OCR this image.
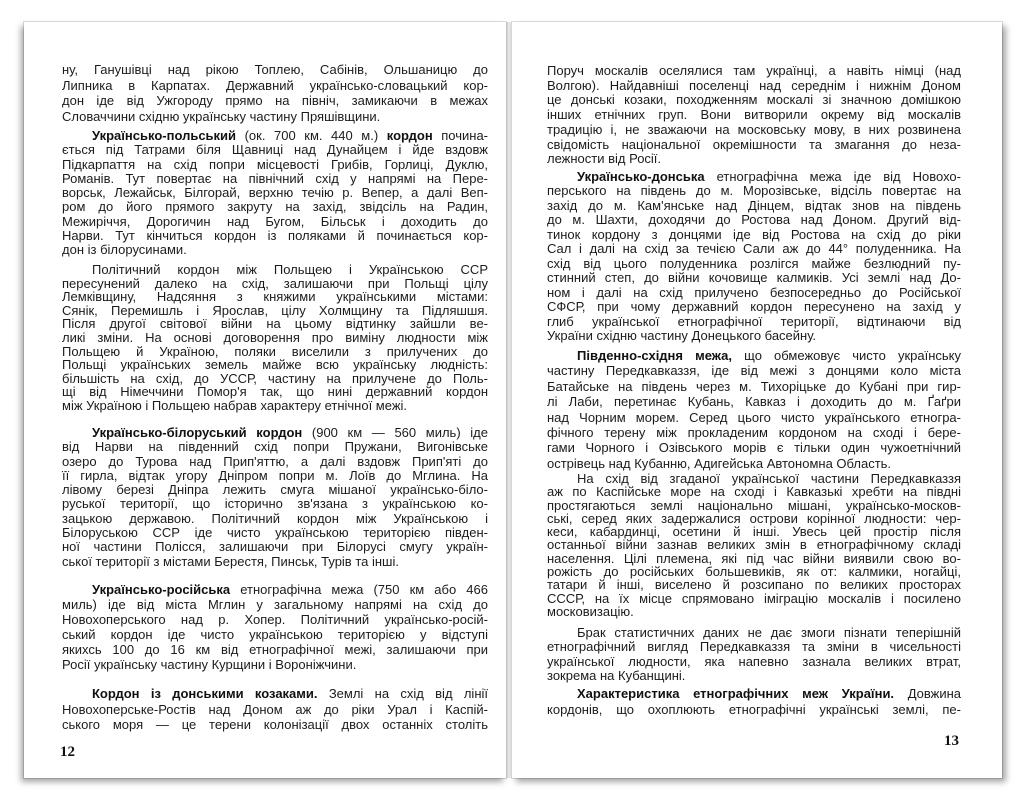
ну, Ганушівці над рікою Топлею, Сабінів, Ольшаницю до
Липника в Карпатах. Державний українсько-словацький кор-
дон іде від Ужгороду прямо на північ, замикаючи в межах
Словаччини східню українську частину Пряшівщини.
Українсько-польський (ок. 700 км. 440 м.) кордон почина-
ється під Татрами біля Щавниці над Дунайцем і йде вздовж
Підкарпаття на схід попри місцевості Грибів, Горлиці, Дуклю,
Романів. Тут повертає на північний схід у напрямі на Пере-
ворськ, Лежайськ, Білгорай, верхню течію р. Вепер, а далі Веп-
ром до його прямого закруту на захід, звідсіль на Радин,
Межиріччя, Дорогичин над Бугом, Більськ і доходить до
Нарви. Тут кінчиться кордон із поляками й починається кор-
дон із білорусинами.
Політичний кордон між Польщею і Українською ССР
пересунений далеко на схід, залишаючи при Польщі цілу
Лемківщину, Надсяння з княжими українськими містами:
Сянік, Перемишль і Ярослав, цілу Холмщину та Підляшшя.
Після другої світової війни на цьому відтинку зайшли ве-
ликі зміни. На основі договорення про виміну людности між
Польщею й Україною, поляки виселили з прилучених до
Польщі українських земель майже всю українську людність:
більшість на схід, до УССР, частину на прилучене до Поль-
щі від Німеччини Помор'я так, що нині державний кордон
між Україною і Польщею набрав характеру етнічної межі.
Українсько-білоруський кордон (900 км — 560 миль) іде
від Нарви на південний схід попри Пружани, Вигонівське
озеро до Турова над Прип'яттю, а далі вздовж Прип'яті до
її гирла, відтак угору Дніпром попри м. Лоїв до Мглина. На
лівому березі Дніпра лежить смуга мішаної українсько-біло-
руської території, що історично зв'язана з українською ко-
зацькою державою. Політичний кордон між Українською і
Білоруською ССР іде чисто українською територією півден-
ної частини Полісся, залишаючи при Білорусі смугу україн-
ської території з містами Берестя, Пинськ, Турів та інші.
Українсько-російська етнографічна межа (750 км або 466
миль) іде від міста Мглин у загальному напрямі на схід до
Новохоперського над р. Хопер. Політичний українсько-росій-
ський кордон іде чисто українською територією у відступі
якихсь 100 до 16 км від етнографічної межі, залишаючи при
Росії українську частину Курщини і Вороніжчини.
Кордон із донськими козаками. Землі на схід від лінії
Новохоперське-Ростів над Доном аж до ріки Урал і Каспій-
ського моря — це терени колонізації двох останніх століть
12
Поруч москалів оселялися там українці, а навіть німці (над
Волгою). Найдавніші поселенці над середнім і нижнім Доном
це донські козаки, походженням москалі зі значною домішкою
інших етнічних груп. Вони витворили окрему від москалів
традицію і, не зважаючи на московську мову, в них розвинена
свідомість національної окремішности та змагання до неза-
лежности від Росії.
Українсько-донська етнографічна межа іде від Новохо-
перського на південь до м. Морозівське, відсіль повертає на
захід до м. Кам'янське над Дінцем, відтак знов на південь
до м. Шахти, доходячи до Ростова над Доном. Другий від-
тинок кордону з донцями іде від Ростова на схід до ріки
Сал і далі на схід за течією Сали аж до 44° полуденника. На
схід від цього полуденника розлігся майже безлюдний пу-
стинний степ, до війни кочовище калмиків. Усі землі над До-
ном і далі на схід прилучено безпосередньо до Російської
СФСР, при чому державний кордон пересунено на захід у
глиб української етнографічної території, відтинаючи від
України східню частину Донецького басейну.
Південно-східня межа, що обмежовує чисто українську
частину Передкавказзя, іде від межі з донцями коло міста
Батайське на південь через м. Тихоріцьке до Кубані при гир-
лі Лаби, перетинає Кубань, Кавказ і доходить до м. Ґаґри
над Чорним морем. Серед цього чисто українського етногра-
фічного терену між прокладеним кордоном на сході і бере-
гами Чорного і Озівського морів є тільки один чужоетнічний
острівець над Кубанню, Адигейська Автономна Область.
На схід від згаданої української частини Передкавказзя
аж по Каспійське море на сході і Кавказькі хребти на півдні
простягаються землі національно мішані, українсько-москов-
ські, серед яких задержалися острови корінної людности: чер-
кеси, кабардинці, осетини й інші. Увесь цей простір після
останньої війни зазнав великих змін в етнографічному складі
населення. Цілі племена, які під час війни виявили свою во-
рожість до російських большевиків, як от: калмики, ногайці,
татари й інші, виселено й розсипано по великих просторах
СССР, на їх місце спрямовано іміграцію москалів і посилено
московизацію.
Брак статистичних даних не дає змоги пізнати теперішній
етнографічний вигляд Передкавказзя та зміни в чисельності
української людности, яка напевно зазнала великих втрат,
зокрема на Кубанщині.
Характеристика етнографічних меж України. Довжина
кордонів, що охоплюють етнографічні українські землі, пе-
13
